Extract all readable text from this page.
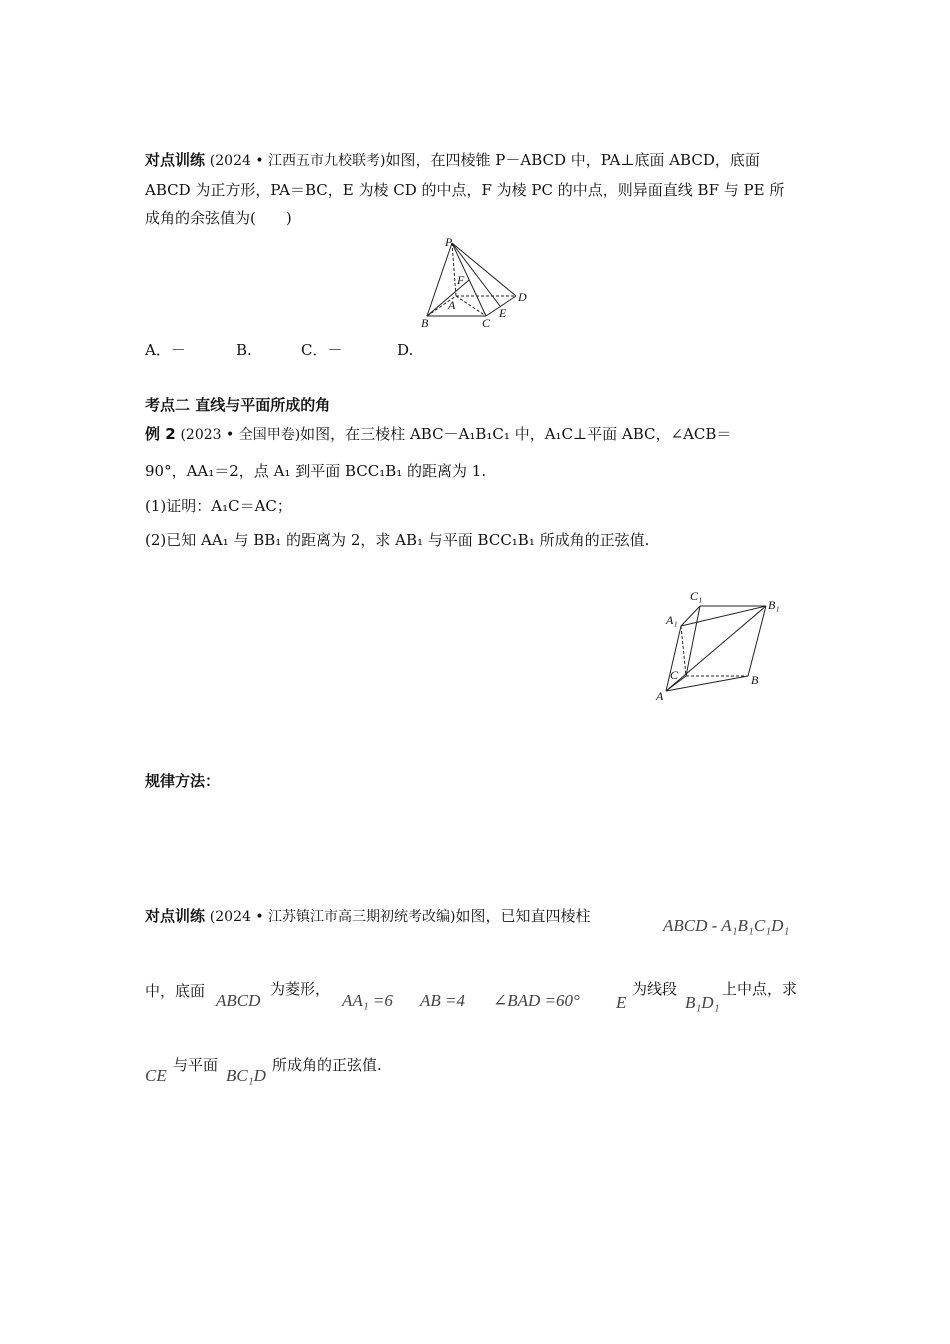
对点训练 (2024 • 江西五市九校联考)如图，在四棱锥 P－ABCD 中，PA⊥底面 ABCD，底面
ABCD 为正方形，PA＝BC，E 为棱 CD 的中点，F 为棱 PC 的中点，则异面直线 BF 与 PE 所
成角的余弦值为(　　)
P
F
A
D
E
B	C
A．－	B.	C．－	D.
考点二 直线与平面所成的角
例 2 (2023 • 全国甲卷)如图，在三棱柱 ABC－A₁B₁C₁ 中，A₁C⊥平面 ABC，∠ACB＝
90°，AA₁＝2，点 A₁ 到平面 BCC₁B₁ 的距离为 1.
(1)证明：A₁C＝AC；
(2)已知 AA₁ 与 BB₁ 的距离为 2，求 AB₁ 与平面 BCC₁B₁ 所成角的正弦值.
C₁
B₁
A₁
C	B
A
规律方法：
对点训练 (2024 • 江苏镇江市高三期初统考改编)如图，已知直四棱柱	ABCD - A₁B₁C₁D₁
中，底面 ABCD
为菱形，
AA₁ =6 AB =4 ∠BAD =60° E
为线段
B₁D₁
上中点，求
CE
与平面
BC₁D
所成角的正弦值.
